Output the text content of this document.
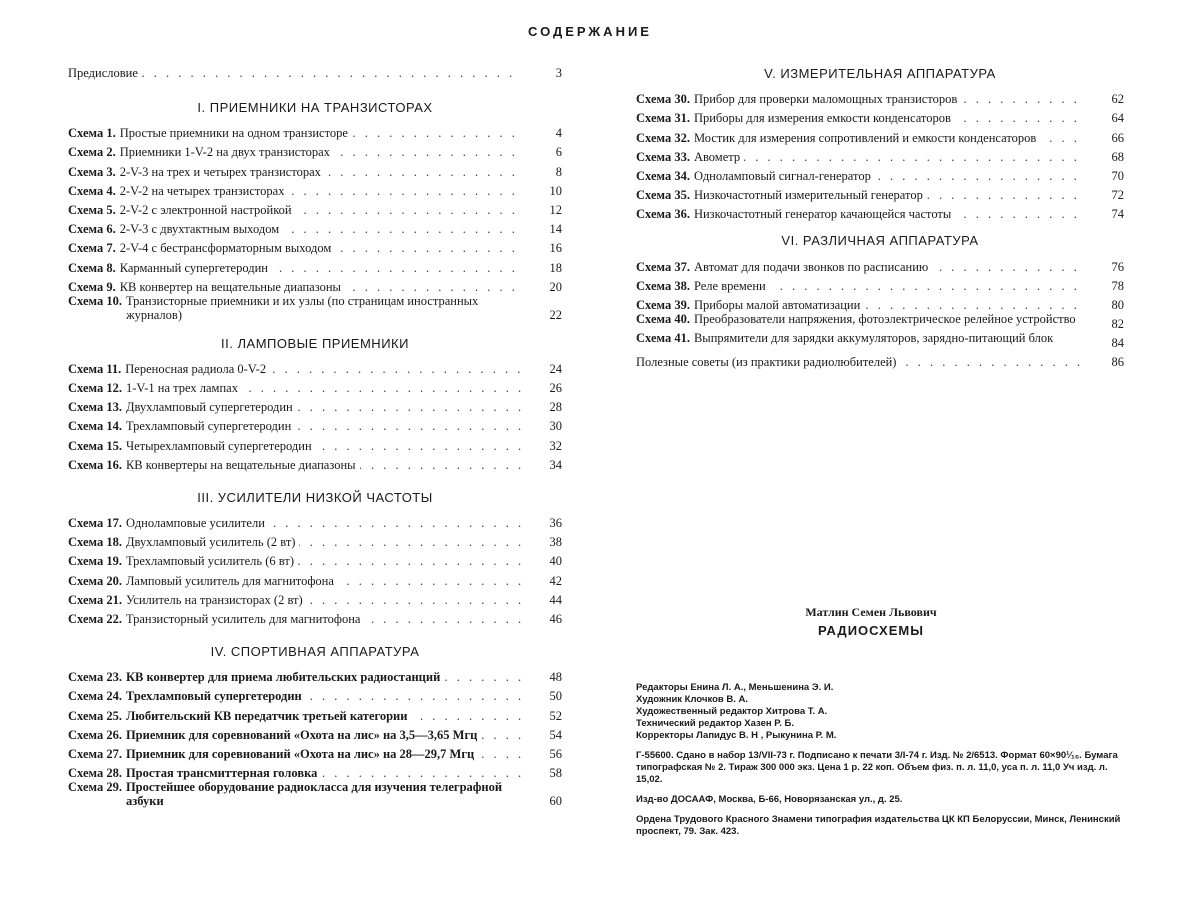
СОДЕРЖАНИЕ
Предисловие . . .	3
I. ПРИЕМНИКИ НА ТРАНЗИСТОРАХ
Схема 1. Простые приемники на одном транзисторе . . .	4
Схема 2. Приемники 1-V-2 на двух транзисторах . . .	6
Схема 3. 2-V-3 на трех и четырех транзисторах . . .	8
Схема 4. 2-V-2 на четырех транзисторах . . .	10
Схема 5. 2-V-2 с электронной настройкой . . .	12
Схема 6. 2-V-3 с двухтактным выходом . . .	14
Схема 7. 2-V-4 с бестрансформаторным выходом . . .	16
Схема 8. Карманный супергетеродин . . .	18
Схема 9. КВ конвертер на вещательные диапазоны . . .	20
Схема 10. Транзисторные приемники и их узлы (по страницам иностранных журналов)	22
II. ЛАМПОВЫЕ ПРИЕМНИКИ
Схема 11. Переносная радиола 0-V-2 . . .	24
Схема 12. 1-V-1 на трех лампах . . .	26
Схема 13. Двухламповый супергетеродин . . .	28
Схема 14. Трехламповый супергетеродин . . .	30
Схема 15. Четырехламповый супергетеродин . . .	32
Схема 16. КВ конвертеры на вещательные диапазоны . . .	34
III. УСИЛИТЕЛИ НИЗКОЙ ЧАСТОТЫ
Схема 17. Одноламповые усилители . . .	36
Схема 18. Двухламповый усилитель (2 вт) . . .	38
Схема 19. Трехламповый усилитель (6 вт) . . .	40
Схема 20. Ламповый усилитель для магнитофона . . .	42
Схема 21. Усилитель на транзисторах (2 вт) . . .	44
Схема 22. Транзисторный усилитель для магнитофона . . .	46
IV. СПОРТИВНАЯ АППАРАТУРА
Схема 23. КВ конвертер для приема любительских радиостанций . . .	48
Схема 24. Трехламповый супергетеродин . . .	50
Схема 25. Любительский КВ передатчик третьей категории . . .	52
Схема 26. Приемник для соревнований «Охота на лис» на 3,5—3,65 Мгц . . .	54
Схема 27. Приемник для соревнований «Охота на лис» на 28—29,7 Мгц . . .	56
Схема 28. Простая трансмиттерная головка . . .	58
Схема 29. Простейшее оборудование радиокласса для изучения телеграфной азбуки	60
V. ИЗМЕРИТЕЛЬНАЯ АППАРАТУРА
Схема 30. Прибор для проверки маломощных транзисторов . . .	62
Схема 31. Приборы для измерения емкости конденсаторов . . .	64
Схема 32. Мостик для измерения сопротивлений и емкости конденсаторов . . .	66
Схема 33. Авометр . . .	68
Схема 34. Одноламповый сигнал-генератор . . .	70
Схема 35. Низкочастотный измерительный генератор . . .	72
Схема 36. Низкочастотный генератор качающейся частоты . . .	74
VI. РАЗЛИЧНАЯ АППАРАТУРА
Схема 37. Автомат для подачи звонков по расписанию . . .	76
Схема 38. Реле времени . . .	78
Схема 39. Приборы малой автоматизации . . .	80
Схема 40. Преобразователи напряжения, фотоэлектрическое релейное устройство	82
Схема 41. Выпрямители для зарядки аккумуляторов, зарядно-питающий блок	84
Полезные советы (из практики радиолюбителей) . . .	86
Матлин Семен Львович
РАДИОСХЕМЫ

Редакторы Енина Л. А., Меньшенина Э. И.

Художник Клочков В. А.

Художественный редактор Хитрова Т. А.

Технический редактор Хазен Р. Б.

Корректоры Лапидус В. Н , Рыкунина Р. М.

Г-55600. Сдано в набор 13/VII-73 г. Подписано к печати 3/I-74 г. Изд. № 2/6513. Формат 60×90¹⁄₁₆. Бумага типографская № 2. Тираж 300 000 экз. Цена 1 р. 22 коп. Объем физ. п. л. 11,0, уса п. л. 11,0 Уч изд. л. 15,02.

Изд-во ДОСААФ, Москва, Б-66, Новорязанская ул., д. 25.

Ордена Трудового Красного Знамени типография издательства ЦК КП Белоруссии, Минск, Ленинский проспект, 79. Зак. 423.
